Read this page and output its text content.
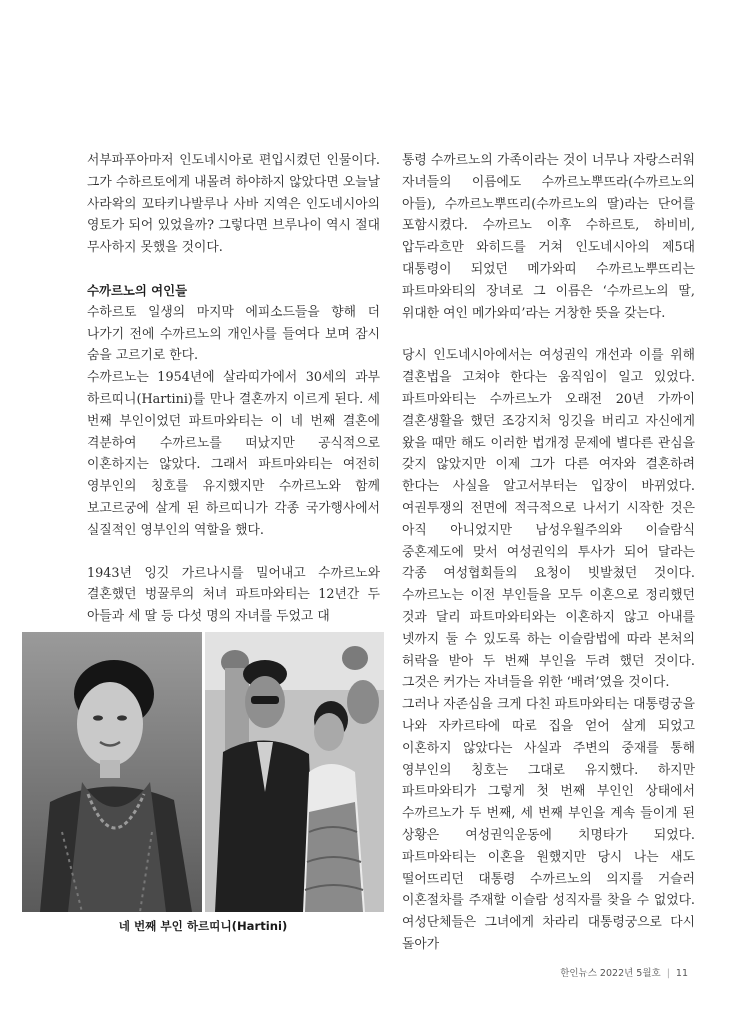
서부파푸아마저 인도네시아로 편입시켰던 인물이다. 그가 수하르토에게 내몰려 하야하지 않았다면 오늘날 사라왁의 꼬타키나발루나 사바 지역은 인도네시아의 영토가 되어 있었을까? 그렇다면 브루나이 역시 절대 무사하지 못했을 것이다.

수까르노의 여인들

수하르토 일생의 마지막 에피소드들을 향해 더 나가기 전에 수까르노의 개인사를 들여다 보며 잠시 숨을 고르기로 한다.

수까르노는 1954년에 살라띠가에서 30세의 과부 하르띠니(Hartini)를 만나 결혼까지 이르게 된다. 세 번째 부인이었던 파트마와티는 이 네 번째 결혼에 격분하여 수까르노를 떠났지만 공식적으로 이혼하지는 않았다. 그래서 파트마와티는 여전히 영부인의 칭호를 유지했지만 수까르노와 함께 보고르궁에 살게 된 하르띠니가 각종 국가행사에서 실질적인 영부인의 역할을 했다.

1943년 잉깃 가르나시를 밀어내고 수까르노와 결혼했던 벙꿀루의 처녀 파트마와티는 12년간 두 아들과 세 딸 등 다섯 명의 자녀를 두었고 대

통령 수까르노의 가족이라는 것이 너무나 자랑스러워 자녀들의 이름에도 수까르노뿌뜨라(수까르노의 아들), 수까르노뿌뜨리(수까르노의 딸)라는 단어를 포함시켰다. 수까르노 이후 수하르토, 하비비, 압두라흐만 와히드를 거쳐 인도네시아의 제5대 대통령이 되었던 메가와띠 수까르노뿌뜨리는 파트마와티의 장녀로 그 이름은 ‘수까르노의 딸, 위대한 여인 메가와띠’라는 거창한 뜻을 갖는다.

당시 인도네시아에서는 여성권익 개선과 이를 위해 결혼법을 고쳐야 한다는 움직임이 일고 있었다. 파트마와티는 수까르노가 오래전 20년 가까이 결혼생활을 했던 조강지처 잉깃을 버리고 자신에게 왔을 때만 해도 이러한 법개정 문제에 별다른 관심을 갖지 않았지만 이제 그가 다른 여자와 결혼하려 한다는 사실을 알고서부터는 입장이 바뀌었다. 여권투쟁의 전면에 적극적으로 나서기 시작한 것은 아직 아니었지만 남성우월주의와 이슬람식 중혼제도에 맞서 여성권익의 투사가 되어 달라는 각종 여성협회들의 요청이 빗발쳤던 것이다. 수까르노는 이전 부인들을 모두 이혼으로 정리했던 것과 달리 파트마와티와는 이혼하지 않고 아내를 넷까지 둘 수 있도록 하는 이슬람법에 따라 본처의 허락을 받아 두 번째 부인을 두려 했던 것이다. 그것은 커가는 자녀들을 위한 ‘배려’였을 것이다.

그러나 자존심을 크게 다친 파트마와티는 대통령궁을 나와 자카르타에 따로 집을 얻어 살게 되었고 이혼하지 않았다는 사실과 주변의 중재를 통해 영부인의 칭호는 그대로 유지했다. 하지만 파트마와티가 그렇게 첫 번째 부인인 상태에서 수까르노가 두 번째, 세 번째 부인을 계속 들이게 된 상황은 여성권익운동에 치명타가 되었다. 파트마와티는 이혼을 원했지만 당시 나는 새도 떨어뜨리던 대통령 수까르노의 의지를 거슬러 이혼절차를 주재할 이슬람 성직자를 찾을 수 없었다. 여성단체들은 그녀에게 차라리 대통령궁으로 다시 돌아가

네 번째 부인 하르띠니(Hartini)
한인뉴스 2022년 5월호 | 11
